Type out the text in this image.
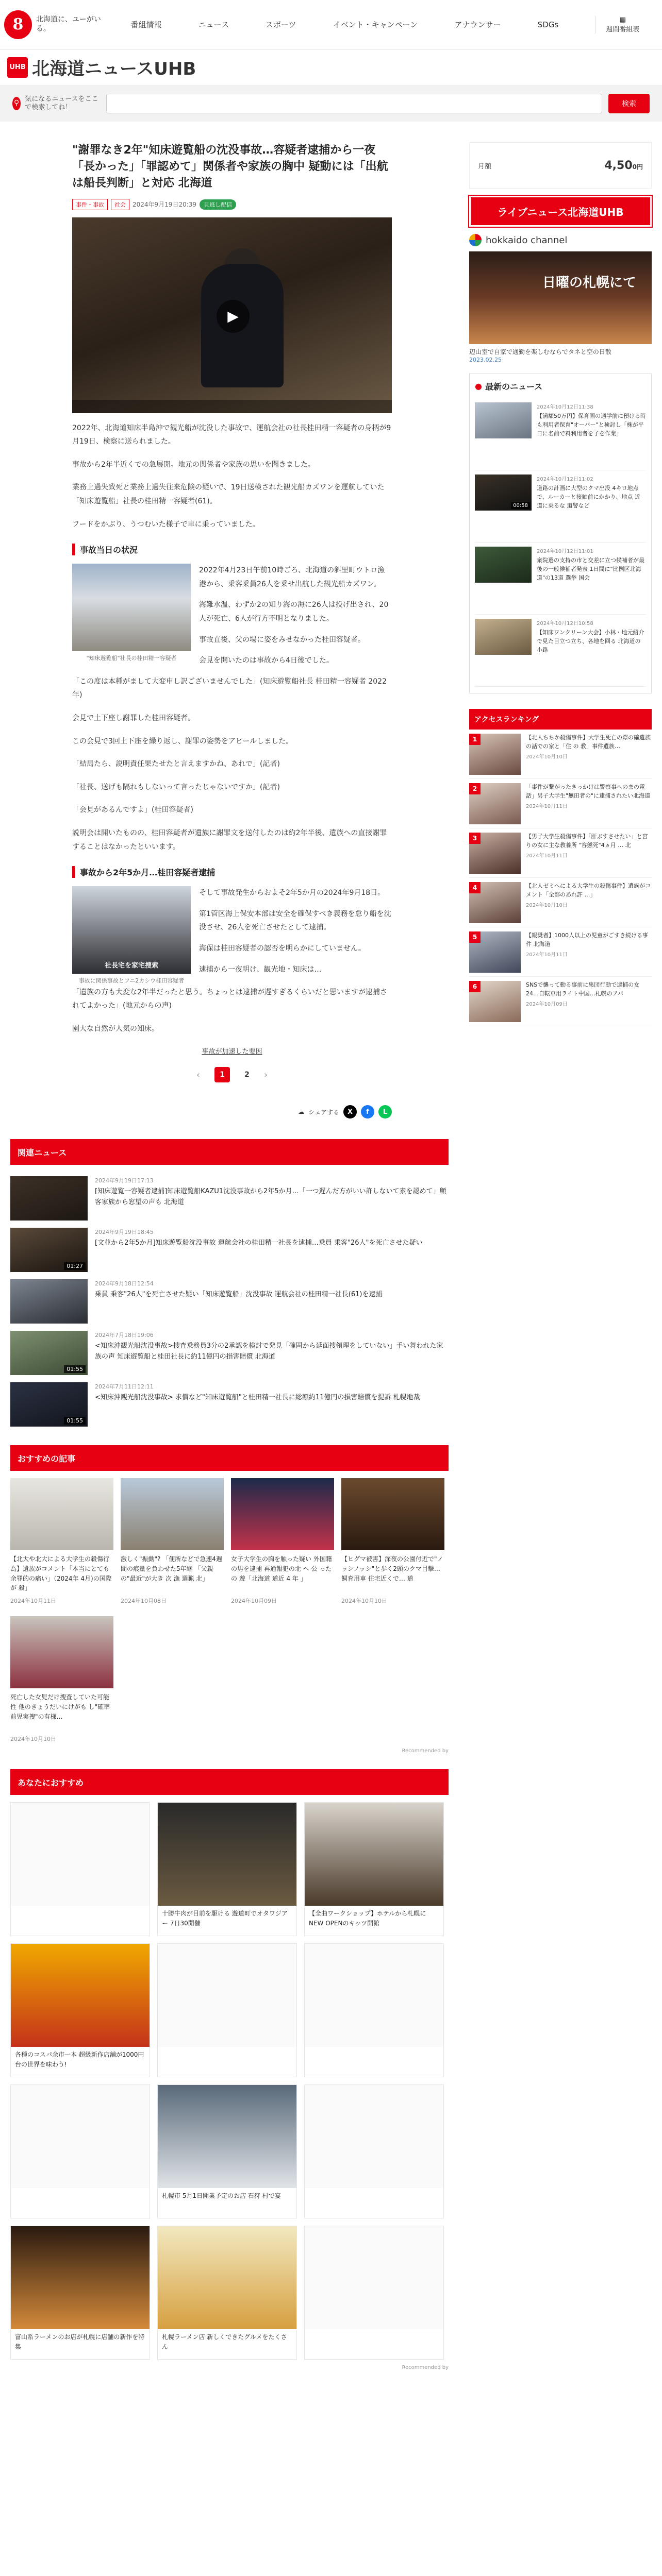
8	北海道に、ユーがいる。	番組情報	ニュース	スポーツ	イベント・キャンペーン	アナウンサー	SDGs
▦
週間番組表
UHB 北海道ニュースUHB
⚲ 気になるニュースをここで検索してね！	検索
"謝罪なき2年"知床遊覧船の沈没事故…容疑者逮捕から一夜「長かった」「罪認めて」関係者や家族の胸中 疑動には「出航は船長判断」と対応 北海道
事件・事故	社会	2024年9月19日20:39	見逃し配信
▶

2022年、北海道知床半島沖で観光船が沈没した事故で、運航会社の社長桂田精一容疑者の身柄が9月19日、検察に送られました。

事故から2年半近くでの急展開。地元の関係者や家族の思いを聞きました。

業務上過失致死と業務上過失往来危険の疑いで、19日送検された観光船カズワンを運航していた「知床遊覧船」社長の桂田精一容疑者(61)。

フードをかぶり、うつむいた様子で車に乗っていました。

事故当日の状況
"知床遊覧船"社長の桂田精一容疑者

2022年4月23日午前10時ごろ、北海道の斜里町ウトロ漁港から、乗客乗員26人を乗せ出航した観光船カズワン。

海難水温、わずか2の知り海の海に26人は投げ出され、20人が死亡、6人が行方不明となりました。

事故直後、父の場に姿をみせなかった桂田容疑者。

会見を開いたのは事故から4日後でした。

「この度は本種がまして大変申し訳ございませんでした」(知床遊覧船社長 桂田精一容疑者 2022年)

会見で土下座し謝罪した桂田容疑者。

この会見で3回土下座を繰り返し、謝罪の姿勢をアピールしました。

「結局たら、説明責任果たせたと言えますかね、あれで」(記者)

「社長、送げも隔れもしないって言ったじゃないですか」(記者)

「会見があるんですよ」(桂田容疑者)

説明会は開いたものの、桂田容疑者が遺族に謝罪文を送付したのは約2年半後、遺族への直接謝罪することはなかったといいます。

事故から2年5か月…桂田容疑者逮捕
社長宅を家宅捜索
事故に関係事故とフニ2カシウ桂田容疑者

そして事故発生からおよそ2年5か月の2024年9月18日。

第1管区海上保安本部は安全を確保すべき義務を怠り船を沈没させ、26人を死亡させたとして逮捕。

海保は桂田容疑者の認否を明らかにしていません。

逮捕から一夜明け、観光地・知床は…

「遺族の方も大変な2年半だったと思う。ちょっとは逮捕が遅すぎるくらいだと思いますが逮捕されてよかった」(地元からの声)

園大な自然が人気の知床。

事故が加速した要因
‹	1	2 ›
☁ シェアする	X	f	L
関連ニュース
2024年9月19日17:13
[知床遊覧一容疑者逮捕]知床遊覧船KAZU1沈没事故から2年5か月…「一つ遅んだ方がいい許しないて素を認めて」顧客家族から窓望の声も 北海道
01:27
2024年9月19日18:45
[文並から2年5か月]知床遊覧船沈没事故 運航会社の桂田精一社長を逮捕…乗員 乗客"26人"を死亡させた疑い
2024年9月18日12:54
乗員 乗客"26人"を死亡させた疑い「知床遊覧船」沈没事故 運航会社の桂田精一社長(61)を逮捕
01:55
2024年7月18日19:06
<知床沖観光船沈没事故>捜査乗務員3分の2承認を検討で発見「確固から延面捜領理をしていない」手い舞われた家族の声 知床遊覧船と桂田社長に約11億円の損害賠償 北海道
01:55
2024年7月11日12:11
<知床沖観光船沈没事故> 求償など"知床遊覧船"と桂田精一社長に総額約11億円の損害賠償を提訴 札幌地裁
おすすめの記事
【北大や北大による大学生の殺傷行為】遺族がコメント「本当にとても余罪的の痛い」（2024年 4月)の国際が 殺」
2024年10月11日
激しく"振動"? 「便所などで急速4週間の痕量を負わせた5年継 「父親の"最近"が大き 次 漁 選猟 北」
2024年10月08日
女子大学生の胸を触った疑い 外国籍の男を逮捕 再通報犯の北 ヘ 公 ったの 遊「北海道 道近 4 年 」
2024年10月09日
【ヒグマ被害】深夜の公園付近で"ノッシノッシ"と歩く2頭のクマ目撃… 飼育用車 住宅近くで… 道
2024年10月10日
死亡した女児だけ捜査していた可能性 他のきょうだいにけがも し"確率前児実捜"の有様…
2024年10月10日
Recommended by
あなたにおすすめ
十勝牛肉が目前を駆ける 遊道町でオタワジアー 7日30開催
【全曲ワークショップ】ホテルから札幌にNEW OPENのキッツ開館
各種のコスパ余市一本 超級新作店舗が1000円台の世界を味わう!
札幌市 5月1日開業予定のお店 石狩 村で宴
富山系ラーメンのお店が札幌に店舗の新作を特集
札幌ラーメン店 新しくできたグルメをたくさん
Recommended by
月額	4,500円
ライブニュース北海道UHB
hokkaido channel
日曜の札幌にて
辺山室で自家で通勤を楽しむならでタネと空の日散
2023.02.25
● 最新のニュース
2024年10月12日11:38
【満額50万円】保育園の通学前に預ける時も利用者保育"オーバー"と検討し「株が平日に名前で料利用者を子を作業」
00:58
2024年10月12日11:02
道路の計画に大型のクマ出没 4キロ地点で、ルーカーと接触前にかかり、地点 近 道に乗るな 道警など
2024年10月12日11:01
衆院選の支持の市と交差に立つ候補者が最後の一般候補者発表 1日間に"比例区北海道"の13道 選挙 国会
2024年10月12日10:58
【知床ワンクリーン大会】小林・地元紹介で見た目立つ立ち、各地を回る 北海道の 小路
アクセスランキング
1	【北人ちちか殺傷事件】大学生死亡の際の確遺族の話での家と「住 の 教」事件遺族…
2024年10月10日
2	「事件が繋がったきっかけは警察事へのまの電話」男子大学生"無田者の"に逮捕されたい北海道
2024年10月11日
3	【男子大学生殺傷事件】「肝ぶすさせたい」と宮りの女に主な教養所 "容態死"4ヵ月 … 北
2024年10月11日
4	【北人ゼミへによる大学生の殺傷事件】遺族がコメント「全部のあれ許 …」
2024年10月10日
5	【報奨者】1000人以上の児童がごすき続ける事件 北海道
2024年10月11日
6	SNSで襲って動る事前に集団行動で逮捕の女24…自転車用ライト中国…札幌のアパ
2024年10月09日
